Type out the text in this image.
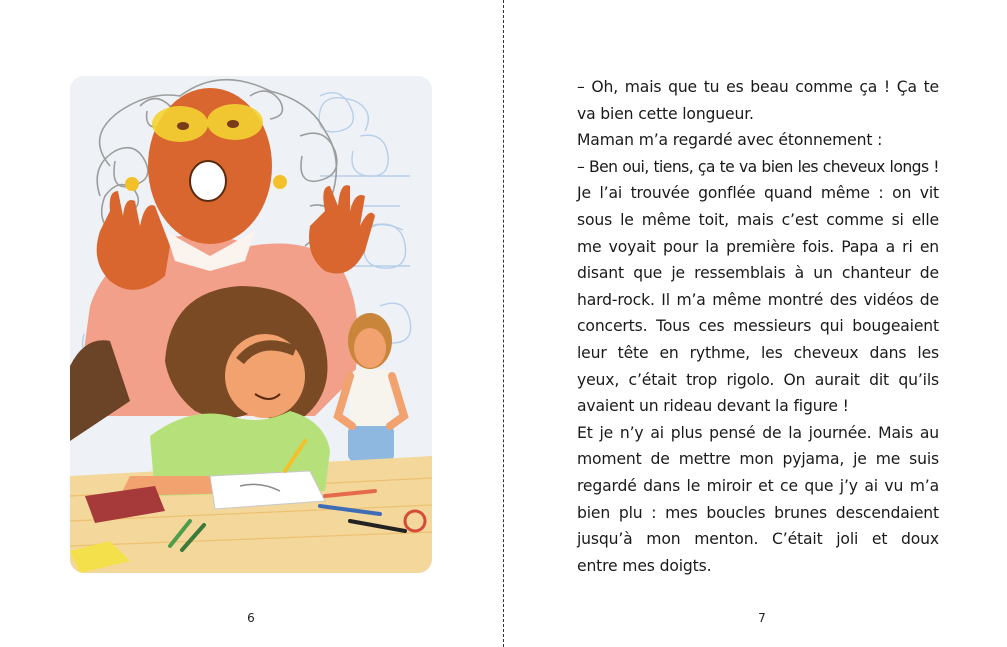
6
– Oh, mais que tu es beau comme ça ! Ça te
va bien cette longueur.
Maman m’a regardé avec étonnement :
– Ben oui, tiens, ça te va bien les cheveux longs !
Je l’ai trouvée gonflée quand même : on vit
sous le même toit, mais c’est comme si elle
me voyait pour la première fois. Papa a ri en
disant que je ressemblais à un chanteur de
hard-rock. Il m’a même montré des vidéos de
concerts. Tous ces messieurs qui bougeaient
leur tête en rythme, les cheveux dans les
yeux, c’était trop rigolo. On aurait dit qu’ils
avaient un rideau devant la figure !
Et je n’y ai plus pensé de la journée. Mais au
moment de mettre mon pyjama, je me suis
regardé dans le miroir et ce que j’y ai vu m’a
bien plu : mes boucles brunes descendaient
jusqu’à mon menton. C’était joli et doux
entre mes doigts.
7
